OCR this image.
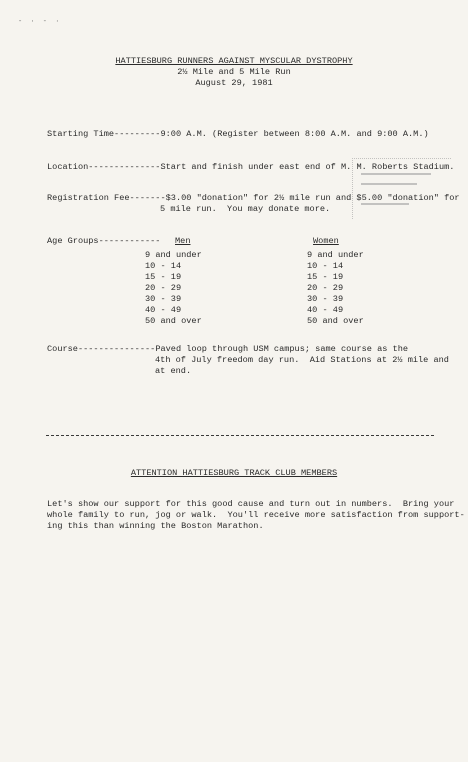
- · - ·
HATTIESBURG RUNNERS AGAINST MYSCULAR DYSTROPHY
2½ Mile and 5 Mile Run
August 29, 1981
Starting Time---------9:00 A.M. (Register between 8:00 A.M. and 9:00 A.M.)
Location--------------Start and finish under east end of M. M. Roberts Stadium.
Registration Fee-------$3.00 "donation" for 2½ mile run and $5.00 "donation" for
5 mile run.  You may donate more.
Age Groups------------ Men	Women
9 and under
10 - 14
15 - 19
20 - 29
30 - 39
40 - 49
50 and over
9 and under
10 - 14
15 - 19
20 - 29
30 - 39
40 - 49
50 and over
Course---------------Paved loop through USM campus; same course as the
4th of July freedom day run.  Aid Stations at 2½ mile and
at end.
ATTENTION HATTIESBURG TRACK CLUB MEMBERS
Let's show our support for this good cause and turn out in numbers.  Bring your
whole family to run, jog or walk.  You'll receive more satisfaction from support-
ing this than winning the Boston Marathon.
